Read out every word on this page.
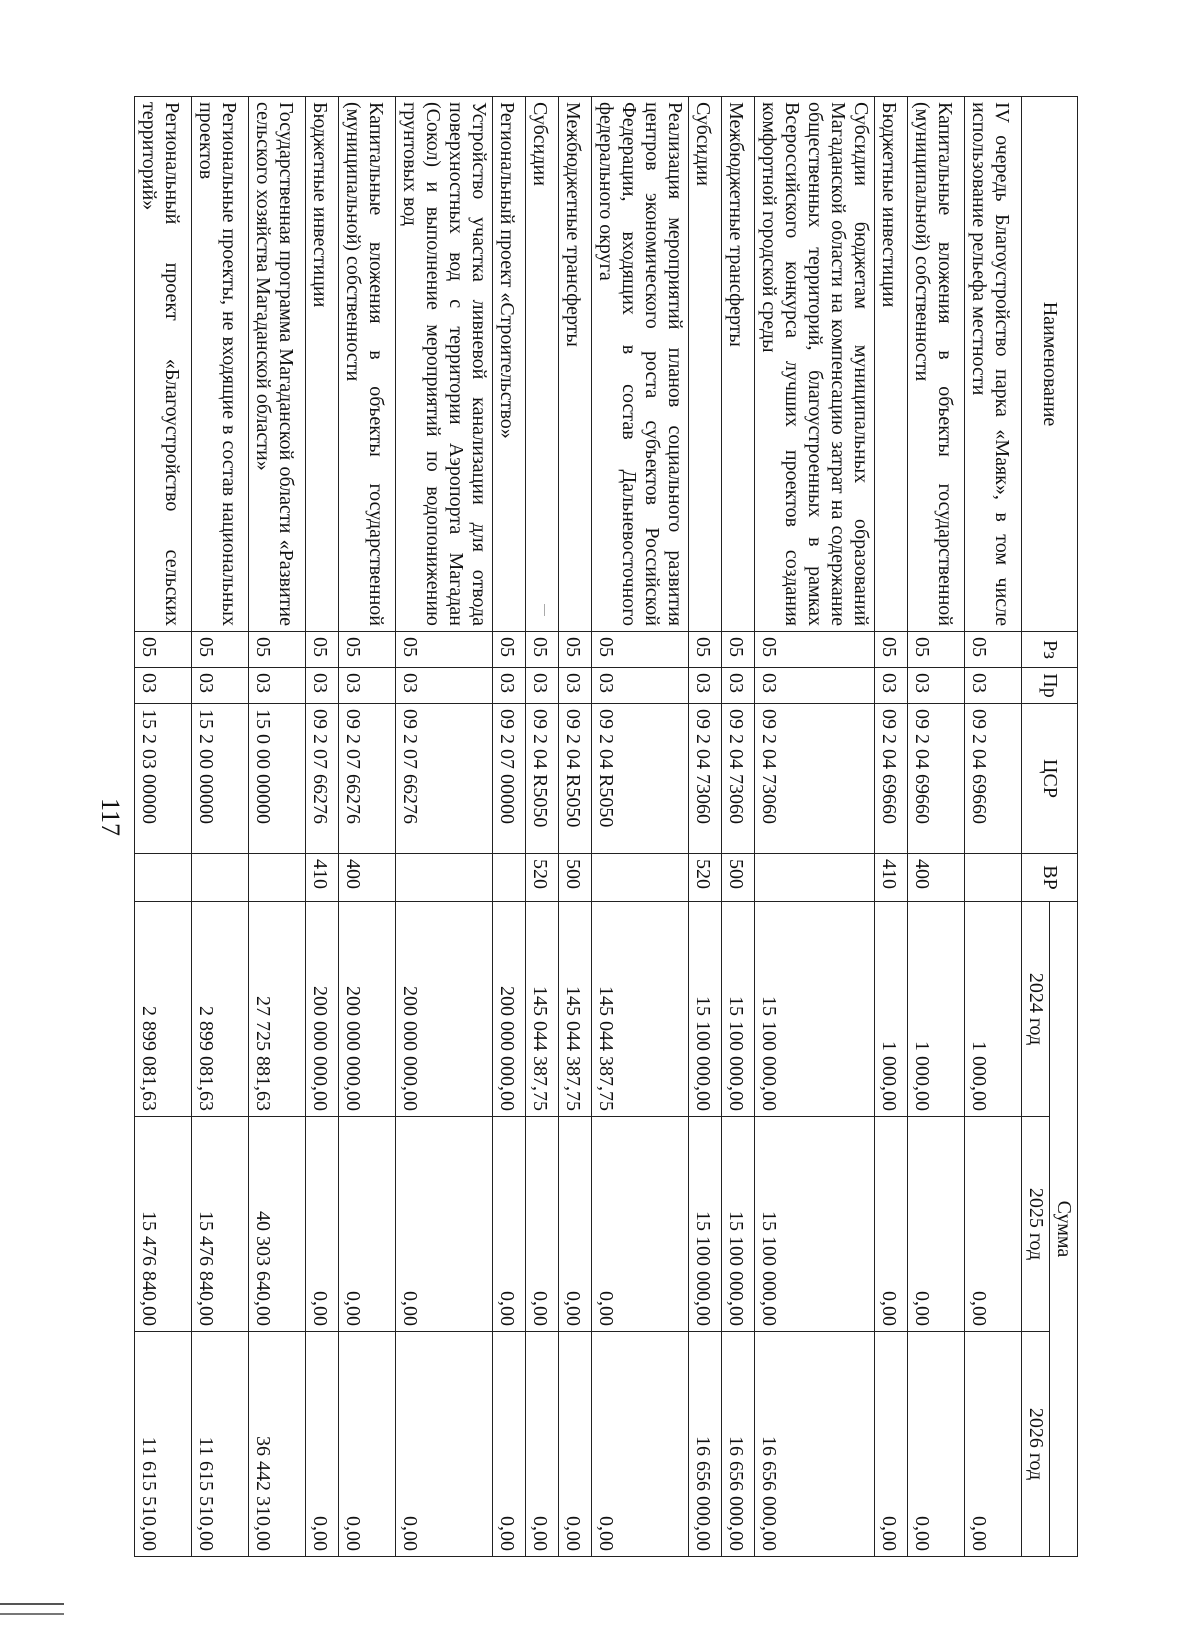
117
Наименование	Рз	Пр	ЦСР	ВР	Сумма		
					2024 год	2025 год	2026 год
IV очередь Благоустройство парка «Маяк», в том числе использование рельефа местности	05	03	09 2 04 69660		1 000,00	0,00	0,00
Капитальные вложения в объекты государственной (муниципальной) собственности	05	03	09 2 04 69660	400	1 000,00	0,00	0,00
Бюджетные инвестиции	05	03	09 2 04 69660	410	1 000,00	0,00	0,00
Субсидии бюджетам муниципальных образований Магаданской области на компенсацию затрат на содержание общественных территорий, благоустроенных в рамках Всероссийского конкурса лучших проектов создания комфортной городской среды	05	03	09 2 04 73060		15 100 000,00	15 100 000,00	16 656 000,00
Межбюджетные трансферты	05	03	09 2 04 73060	500	15 100 000,00	15 100 000,00	16 656 000,00
Субсидии	05	03	09 2 04 73060	520	15 100 000,00	15 100 000,00	16 656 000,00
Реализация мероприятий планов социального развития центров экономического роста субъектов Российской Федерации, входящих в состав Дальневосточного федерального округа	05	03	09 2 04 R5050		145 044 387,75	0,00	0,00
Межбюджетные трансферты	05	03	09 2 04 R5050	500	145 044 387,75	0,00	0,00
Субсидии	05	03	09 2 04 R5050	520	145 044 387,75	0,00	0,00
Региональный проект «Строительство»	05	03	09 2 07 00000		200 000 000,00	0,00	0,00
Устройство участка ливневой канализации для отвода поверхностных вод с территории Аэропорта Магадан (Сокол) и выполнение мероприятий по водопонижению грунтовых вод	05	03	09 2 07 66276		200 000 000,00	0,00	0,00
Капитальные вложения в объекты государственной (муниципальной) собственности	05	03	09 2 07 66276	400	200 000 000,00	0,00	0,00
Бюджетные инвестиции	05	03	09 2 07 66276	410	200 000 000,00	0,00	0,00
Государственная программа Магаданской области «Развитие сельского хозяйства Магаданской области»	05	03	15 0 00 00000		27 725 881,63	40 303 640,00	36 442 310,00
Региональные проекты, не входящие в состав национальных проектов	05	03	15 2 00 00000		2 899 081,63	15 476 840,00	11 615 510,00
Региональный проект «Благоустройство сельских территорий»	05	03	15 2 03 00000		2 899 081,63	15 476 840,00	11 615 510,00
